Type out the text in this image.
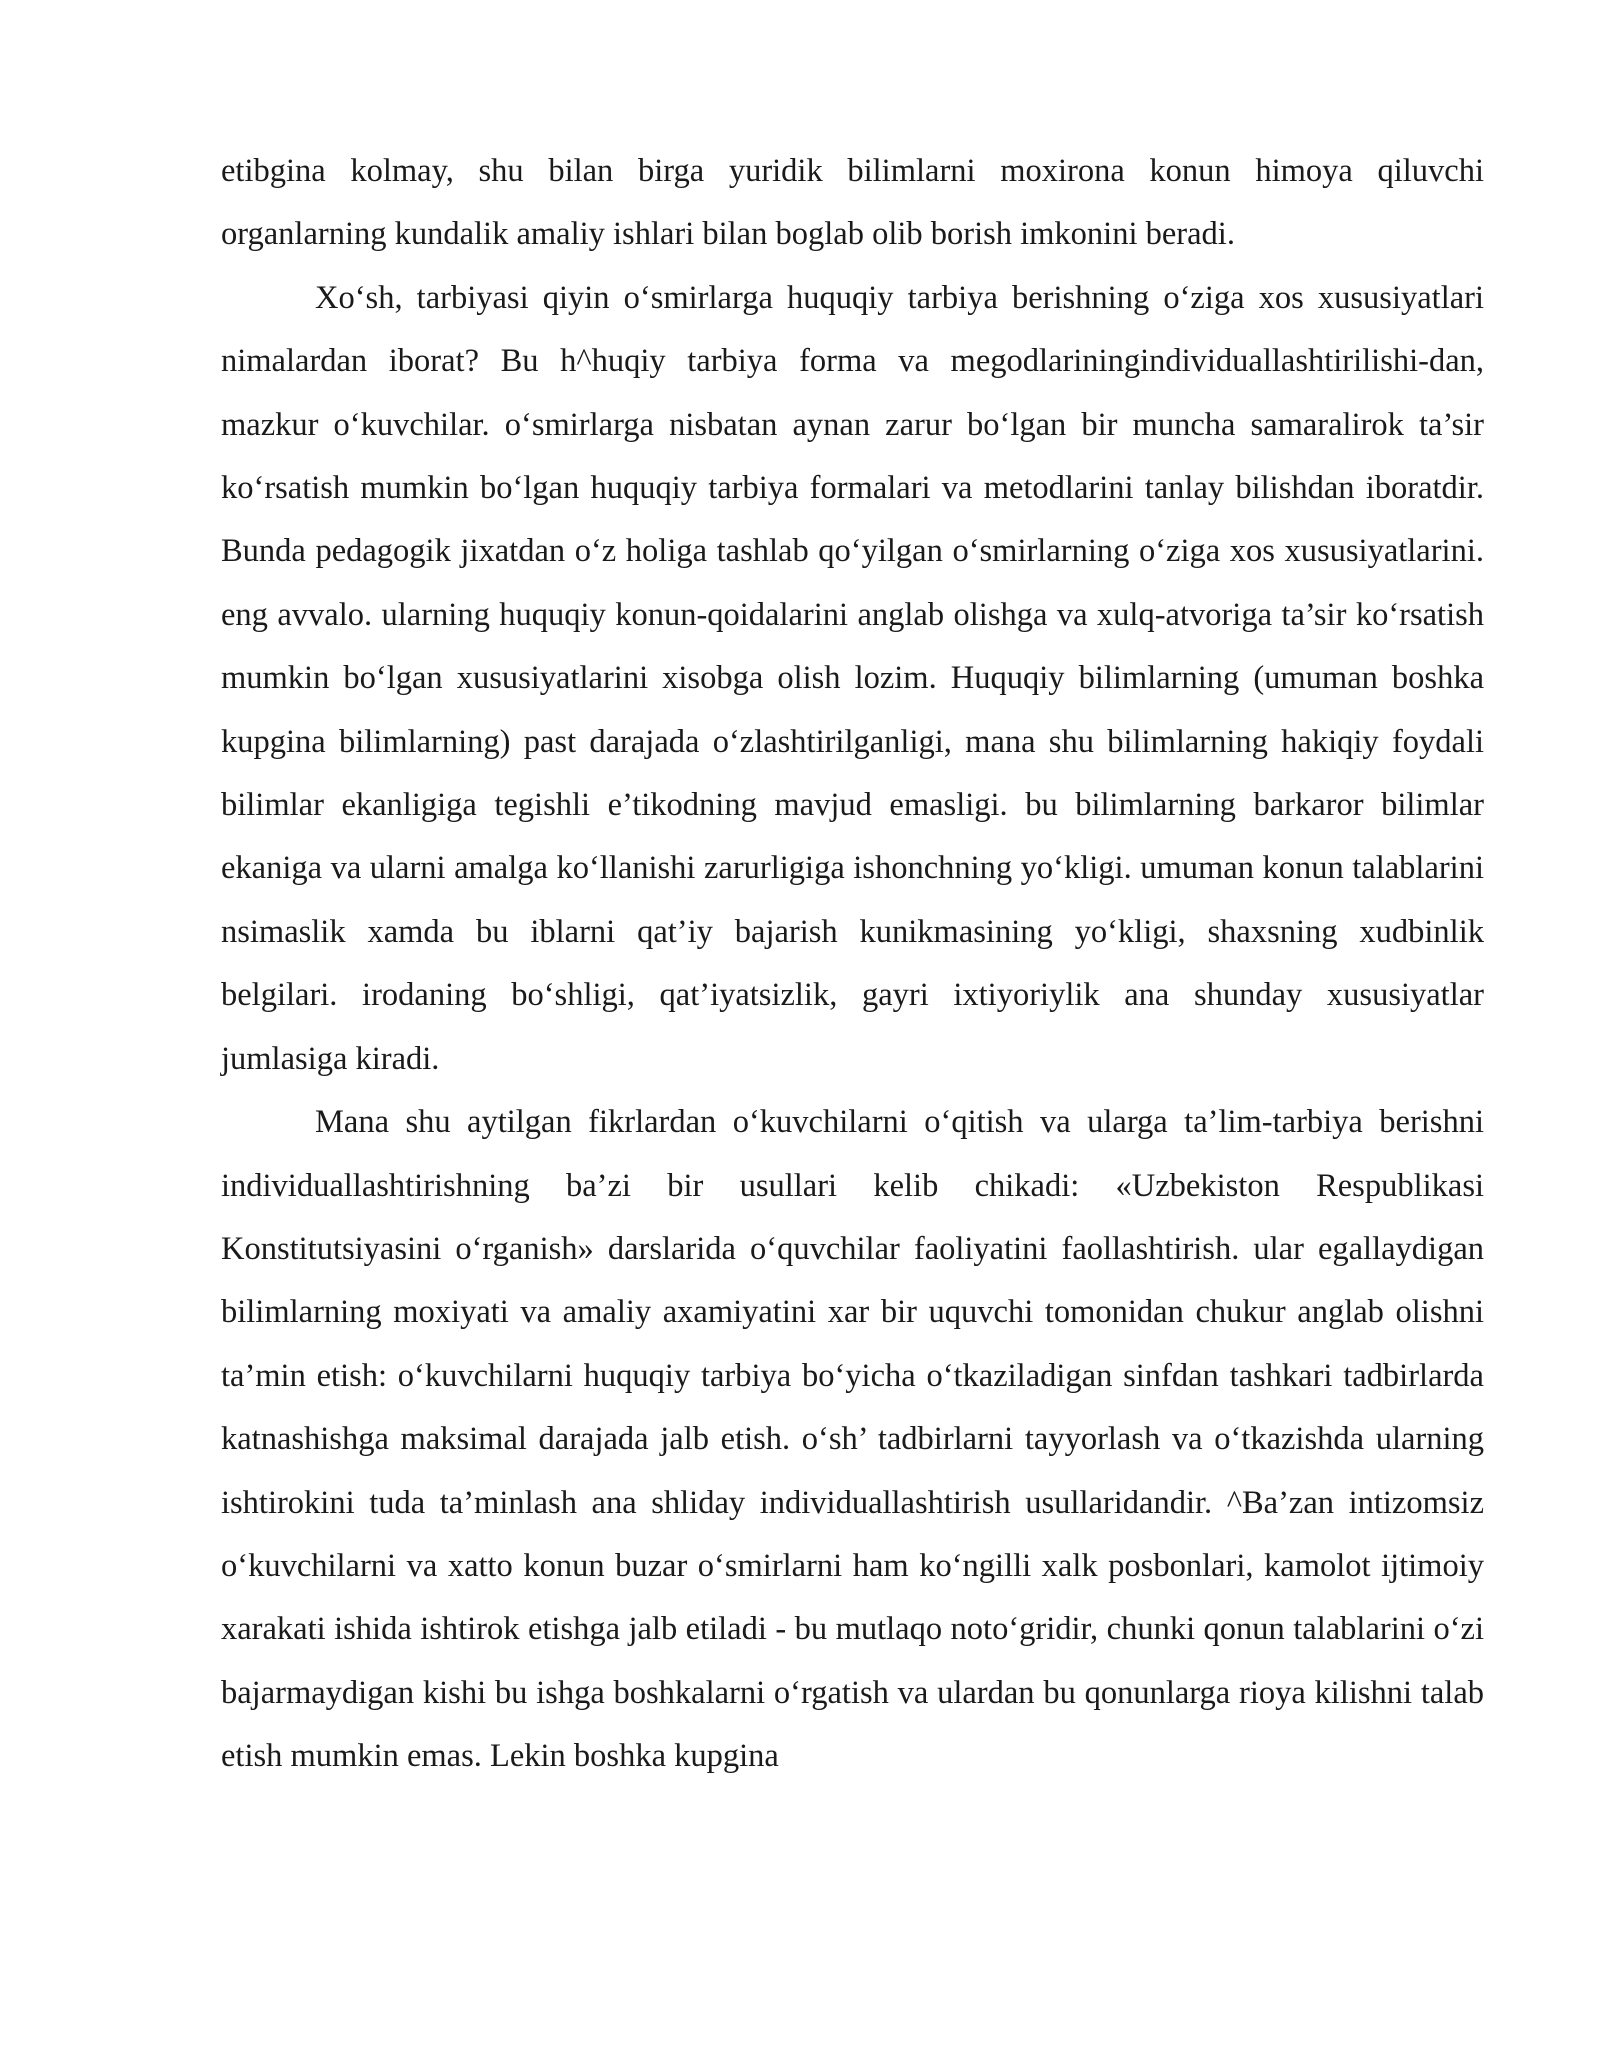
etibgina kolmay, shu bilan birga yuridik bilimlarni moxirona konun himoya qiluvchi organlarning kundalik amaliy ishlari bilan boglab olib borish imkonini beradi.

Xo‘sh, tarbiyasi qiyin o‘smirlarga huquqiy tarbiya berishning o‘ziga xos xususiyatlari nimalardan iborat? Bu h^huqiy tarbiya forma va megodlariningindividuallashtirilishi-dan, mazkur o‘kuvchilar. o‘smirlarga nisbatan aynan zarur bo‘lgan bir muncha samaralirok ta’sir ko‘rsatish mumkin bo‘lgan huquqiy tarbiya formalari va metodlarini tanlay bilishdan iboratdir. Bunda pedagogik jixatdan o‘z holiga tashlab qo‘yilgan o‘smirlarning o‘ziga xos xususiyatlarini. eng avvalo. ularning huquqiy konun-qoidalarini anglab olishga va xulq-atvoriga ta’sir ko‘rsatish mumkin bo‘lgan xususiyatlarini xisobga olish lozim. Huquqiy bilimlarning (umuman boshka kupgina bilimlarning) past darajada o‘zlashtirilganligi, mana shu bilimlarning hakiqiy foydali bilimlar ekanligiga tegishli e’tikodning mavjud emasligi. bu bilimlarning barkaror bilimlar ekaniga va ularni amalga ko‘llanishi zarurligiga ishonchning yo‘kligi. umuman konun talablarini nsimaslik xamda bu iblarni qat’iy bajarish kunikmasining yo‘kligi, shaxsning xudbinlik belgilari. irodaning bo‘shligi, qat’iyatsizlik, gayri ixtiyoriylik ana shunday xususiyatlar jumlasiga kiradi.

Mana shu aytilgan fikrlardan o‘kuvchilarni o‘qitish va ularga ta’lim-tarbiya berishni individuallashtirishning ba’zi bir usullari kelib chikadi: «Uzbekiston Respublikasi Konstitutsiyasini o‘rganish» darslarida o‘quvchilar faoliyatini faollashtirish. ular egallaydigan bilimlarning moxiyati va amaliy axamiyatini xar bir uquvchi tomonidan chukur anglab olishni ta’min etish: o‘kuvchilarni huquqiy tarbiya bo‘yicha o‘tkaziladigan sinfdan tashkari tadbirlarda katnashishga maksimal darajada jalb etish. o‘sh’ tadbirlarni tayyorlash va o‘tkazishda ularning ishtirokini tuda ta’minlash ana shliday individuallashtirish usullaridandir. ^Ba’zan intizomsiz o‘kuvchilarni va xatto konun buzar o‘smirlarni ham ko‘ngilli xalk posbonlari, kamolot ijtimoiy xarakati ishida ishtirok etishga jalb etiladi - bu mutlaqo noto‘gridir, chunki qonun talablarini o‘zi bajarmaydigan kishi bu ishga boshkalarni o‘rgatish va ulardan bu qonunlarga rioya kilishni talab etish mumkin emas. Lekin boshka kupgina
